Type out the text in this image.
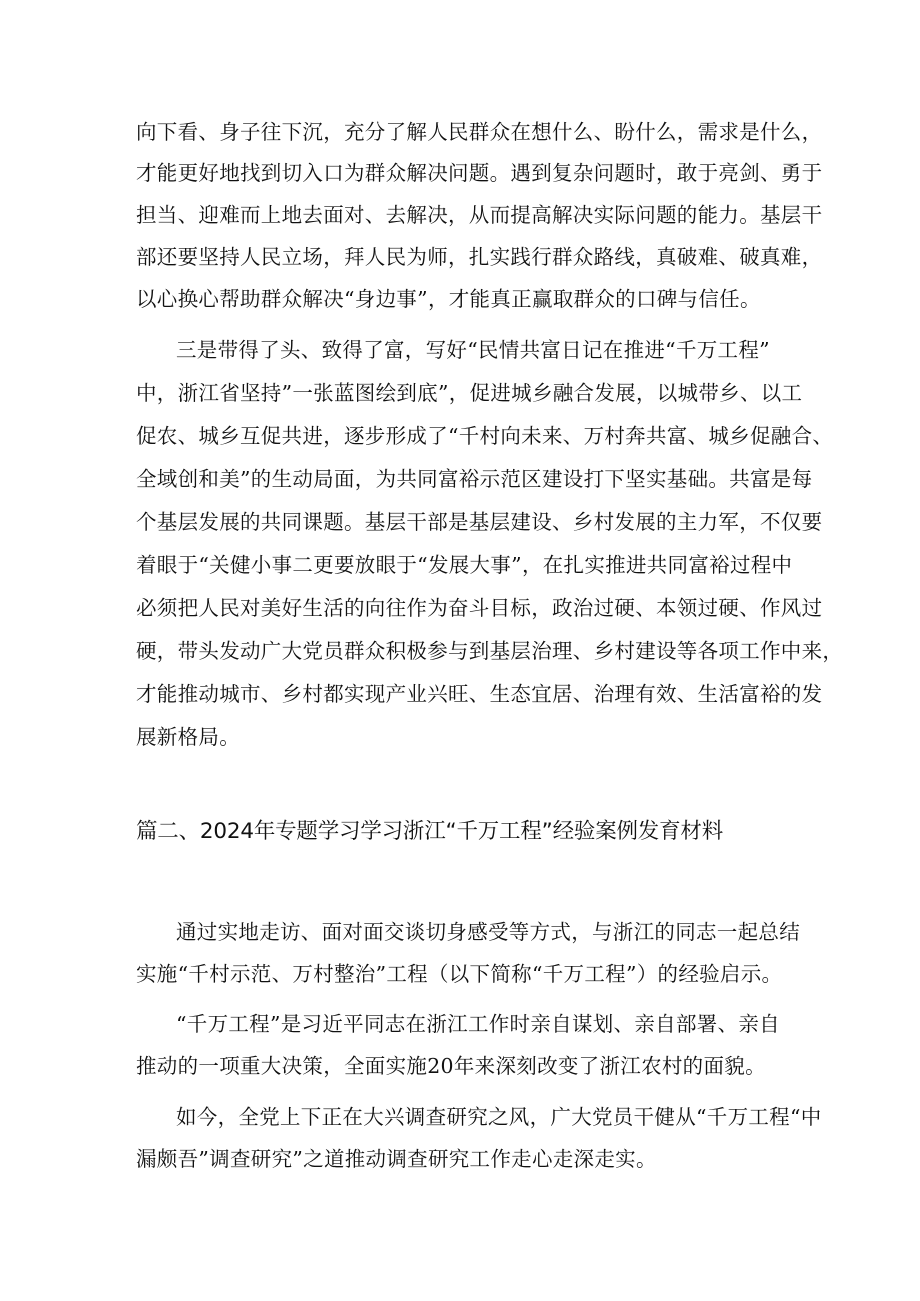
向下看、身子往下沉，充分了解人民群众在想什么、盼什么，需求是什么，
才能更好地找到切入口为群众解决问题。遇到复杂问题时，敢于亮剑、勇于
担当、迎难而上地去面对、去解决，从而提高解决实际问题的能力。基层干
部还要坚持人民立场，拜人民为师，扎实践行群众路线，真破难、破真难，
以心换心帮助群众解决“身边事”，才能真正赢取群众的口碑与信任。
三是带得了头、致得了富，写好“民情共富日记在推进“千万工程”
中，浙江省坚持”一张蓝图绘到底”，促进城乡融合发展，以城带乡、以工
促农、城乡互促共进，逐步形成了“千村向未来、万村奔共富、城乡促融合、
全域创和美”的生动局面，为共同富裕示范区建设打下坚实基础。共富是每
个基层发展的共同课题。基层干部是基层建设、乡村发展的主力军，不仅要
着眼于“关健小事二更要放眼于“发展大事”，在扎实推进共同富裕过程中
必须把人民对美好生活的向往作为奋斗目标，政治过硬、本领过硬、作风过
硬，带头发动广大党员群众积极参与到基层治理、乡村建设等各项工作中来，
才能推动城市、乡村都实现产业兴旺、生态宜居、治理有效、生活富裕的发
展新格局。
篇二、2024年专题学习学习浙江“千万工程”经验案例发育材料
通过实地走访、面对面交谈切身感受等方式，与浙江的同志一起总结
实施“千村示范、万村整治”工程（以下简称“千万工程”）的经验启示。
“千万工程”是习近平同志在浙江工作时亲自谋划、亲自部署、亲自
推动的一项重大决策，全面实施20年来深刻改变了浙江农村的面貌。
如今，全党上下正在大兴调查研究之风，广大党员干健从“千万工程“中
漏颇吾”调查研究”之道推动调查研究工作走心走深走实。
